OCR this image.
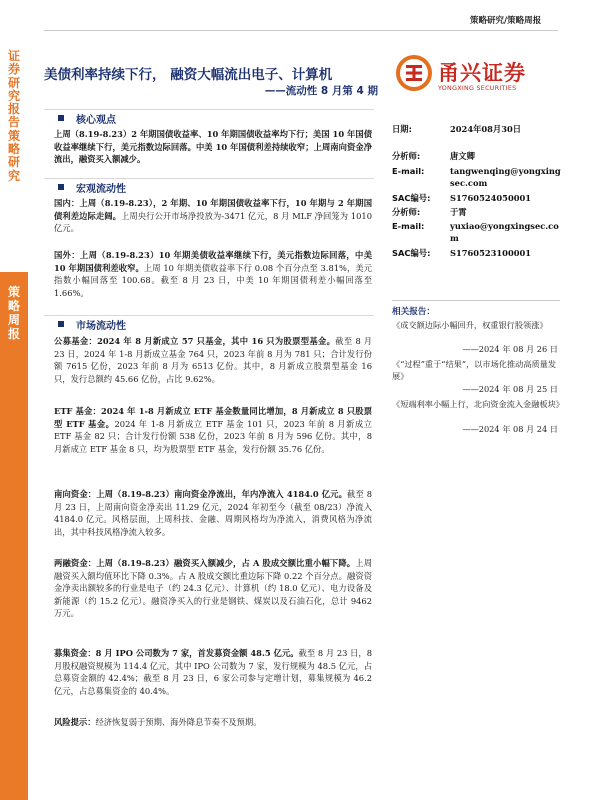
策略研究/策略周报
证券研究报告 策略研究
策略周报
美债利率持续下行， 融资大幅流出电子、计算机
——流动性 8 月第 4 期
甬兴证券
YONGXING SECURITIES
核心观点
上周（8.19-8.23）2 年期国债收益率、10 年期国债收益率均下行；美国 10 年国债收益率继续下行，美元指数边际回落。中美 10 年国债利差持续收窄；上周南向资金净流出，融资买入额减少。
宏观流动性
国内：上周（8.19-8.23），2 年期、10 年期国债收益率下行，10 年期与 2 年期国债利差边际走阔。上周央行公开市场净投放为-3471 亿元，8 月 MLF 净回笼为 1010 亿元。
国外：上周（8.19-8.23）10 年期美债收益率继续下行，美元指数边际回落，中美 10 年期国债利差收窄。上周 10 年期美债收益率下行 0.08 个百分点至 3.81%，美元指数小幅回落至 100.68。截至 8 月 23 日，中美 10 年期国债利差小幅回落至 1.66%。
市场流动性
公募基金：2024 年 8 月新成立 57 只基金，其中 16 只为股票型基金。截至 8 月 23 日，2024 年 1-8 月新成立基金 764 只，2023 年前 8 月为 781 只；合计发行份额 7615 亿份，2023 年前 8 月为 6513 亿份。其中，8 月新成立股票型基金 16 只，发行总额约 45.66 亿份，占比 9.62%。
ETF 基金：2024 年 1-8 月新成立 ETF 基金数量同比增加，8 月新成立 8 只股票型 ETF 基金。2024 年 1-8 月新成立 ETF 基金 101 只，2023 年前 8 月新成立 ETF 基金 82 只；合计发行份额 538 亿份，2023 年前 8 月为 596 亿份。其中，8 月新成立 ETF 基金 8 只，均为股票型 ETF 基金，发行份额 35.76 亿份。
南向资金：上周（8.19-8.23）南向资金净流出，年内净流入 4184.0 亿元。截至 8 月 23 日，上周南向资金净卖出 11.29 亿元，2024 年初至今（截至 08/23）净流入 4184.0 亿元。风格层面，上周科技、金融、周期风格均为净流入，消费风格为净流出，其中科技风格净流入较多。
两融资金：上周（8.19-8.23）融资买入额减少，占 A 股成交额比重小幅下降。上周融资买入额均值环比下降 0.3%。占 A 股成交额比重边际下降 0.22 个百分点。融资资金净卖出额较多的行业是电子（约 24.3 亿元）、计算机（约 18.0 亿元）、电力设备及新能源（约 15.2 亿元）。融资净买入的行业是钢铁、煤炭以及石油石化，总计 9462 万元。
募集资金：8 月 IPO 公司数为 7 家，首发募资金额 48.5 亿元。截至 8 月 23 日，8 月股权融资规模为 114.4 亿元，其中 IPO 公司数为 7 家，发行规模为 48.5 亿元，占总募资金额的 42.4%；截至 8 月 23 日，6 家公司参与定增计划，募集规模为 46.2 亿元，占总募集资金的 40.4%。
风险提示：经济恢复弱于预期、海外降息节奏不及预期。
日期:	2024年08月30日
分析师:	唐文卿
E-mail:	tangwenqing@yongxingsec.com
SAC编号: S1760524050001
分析师:	于霄
E-mail:	yuxiao@yongxingsec.com
SAC编号: S1760523100001
相关报告：
《成交额边际小幅回升，权重银行股领涨》
——2024 年 08 月 26 日
《“过程”重于“结果”，以市场化推动高质量发展》
——2024 年 08 月 25 日
《短端利率小幅上行，北向资金流入金融板块》
——2024 年 08 月 24 日
